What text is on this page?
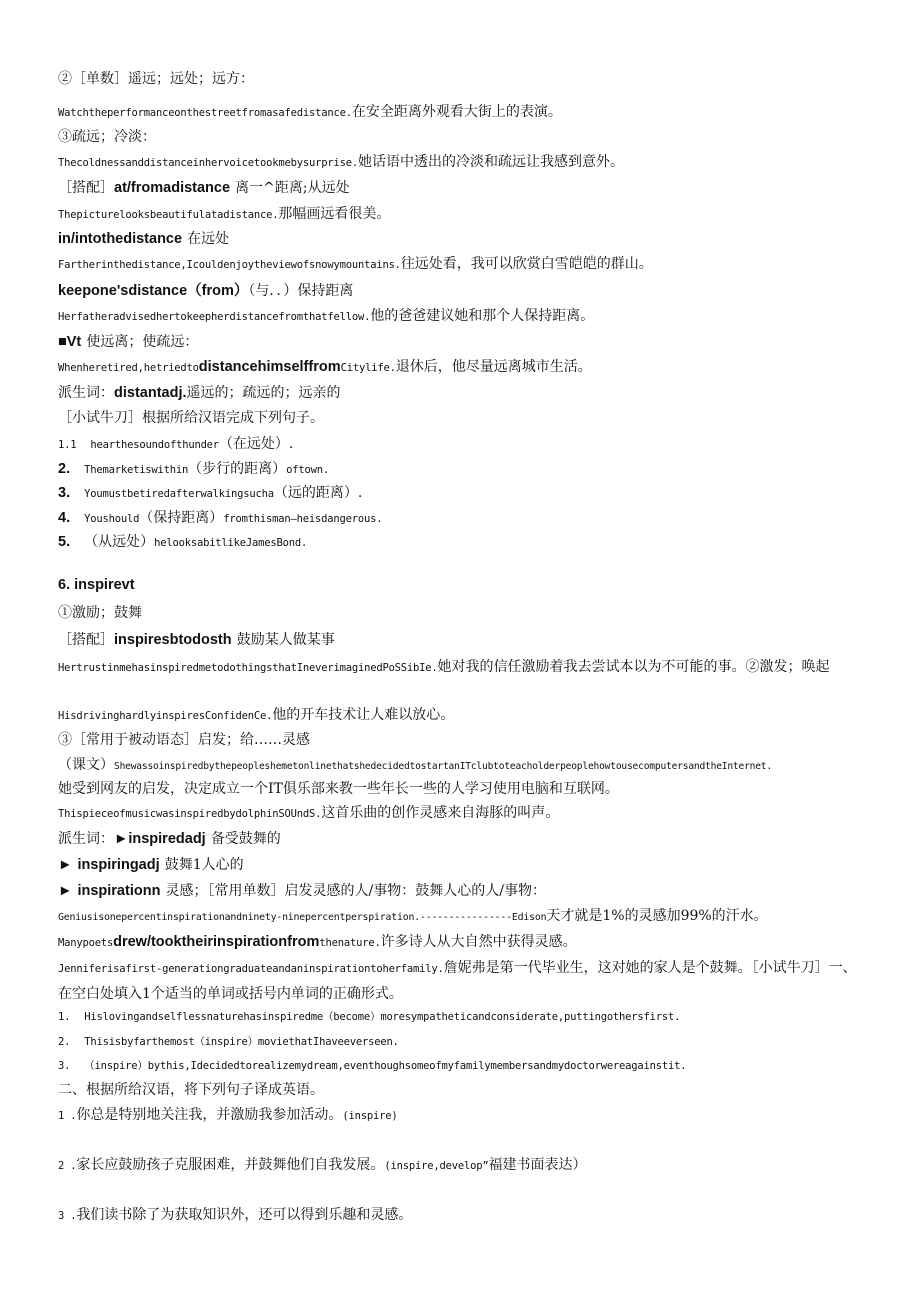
②［单数］遥远；远处；远方：
Watchtheperformanceonthestreetfromasafedistance.在安全距离外观看大街上的表演。
③疏远；冷淡：
Thecoldnessanddistanceinhervoicetookmebysurprise.她话语中透出的冷淡和疏远让我感到意外。
［搭配］at/fromadistance 离一^距离;从远处
Thepicturelooksbeautifulatadistance.那幅画远看很美。
in/intothedistance 在远处
Fartherinthedistance,Icouldenjoytheviewofsnowymountains.往远处看，我可以欣赏白雪皑皑的群山。
keepone'sdistance（from）（与．．）保持距离
Herfatheradvisedhertokeepherdistancefromthatfellow.他的爸爸建议她和那个人保持距离。
■Vt 使远离；使疏远：
Whenheretired,hetriedtodistancehimselffromCitylife.退休后，他尽量远离城市生活。
派生词：distantadj.遥远的；疏远的；远亲的
［小试牛刀］根据所给汉语完成下列句子。
1.1 hearthesoundofthunder（在远处）.
2. Themarketiswithin（步行的距离）oftown.
3. Youmustbetiredafterwalkingsucha（远的距离）.
4. Youshould（保持距离）fromthisman—heisdangerous.
5. （从远处）helooksabitlikeJamesBond.
6. inspirevt
①激励；鼓舞
［搭配］inspiresbtodosth 鼓励某人做某事
HertrustinmehasinspiredmetodothingsthatIneverimaginedPoSSibIe.她对我的信任激励着我去尝试本以为不可能的事。②激发；唤起
HisdrivinghardlyinspiresConfidenCe.他的开车技术让人难以放心。
③［常用于被动语态］启发；给……灵感
（课文）ShewassoinspiredbythepeopleshemetonlinethatshedecidedtostartanITclubtoteacholderpeoplehowtousecomputersandtheInternet.
她受到网友的启发，决定成立一个IT俱乐部来教一些年长一些的人学习使用电脑和互联网。
ThispieceofmusicwasinspiredbydolphinSOUndS.这首乐曲的创作灵感来自海豚的叫声。
派生词：►inspiredadj 备受鼓舞的
► inspiringadj 鼓舞1人心的
► inspirationn 灵感；［常用单数］启发灵感的人/事物：鼓舞人心的人/事物：
Geniusisonepercentinspirationandninety-ninepercentperspiration.----------------Edison天才就是1%的灵感加99%的汗水。
Manypoetsdrew/tooktheirinspirationfromthenature.许多诗人从大自然中获得灵感。
Jenniferisafirst-generationgraduateandaninspirationtoherfamily.詹妮弗是第一代毕业生，这对她的家人是个鼓舞。［小试牛刀］一、在空白处填入1个适当的单词或括号内单词的正确形式。
1. Hislovingandselflessnaturehasinspiredme（become）moresympatheticandconsiderate,puttingothersfirst.
2. Thisisbyfarthemost（inspire）moviethatIhaveeverseen.
3. （inspire）bythis,Idecidedtorealizemydream,eventhoughsomeofmyfamilymembersandmydoctorwereagainstit.
二、根据所给汉语，将下列句子译成英语。
1 .你总是特别地关注我，并激励我参加活动。(inspire)
2 .家长应鼓励孩子克服困难，并鼓舞他们自我发展。(inspire,develop”福建书面表达）
3 .我们读书除了为获取知识外，还可以得到乐趣和灵感。
